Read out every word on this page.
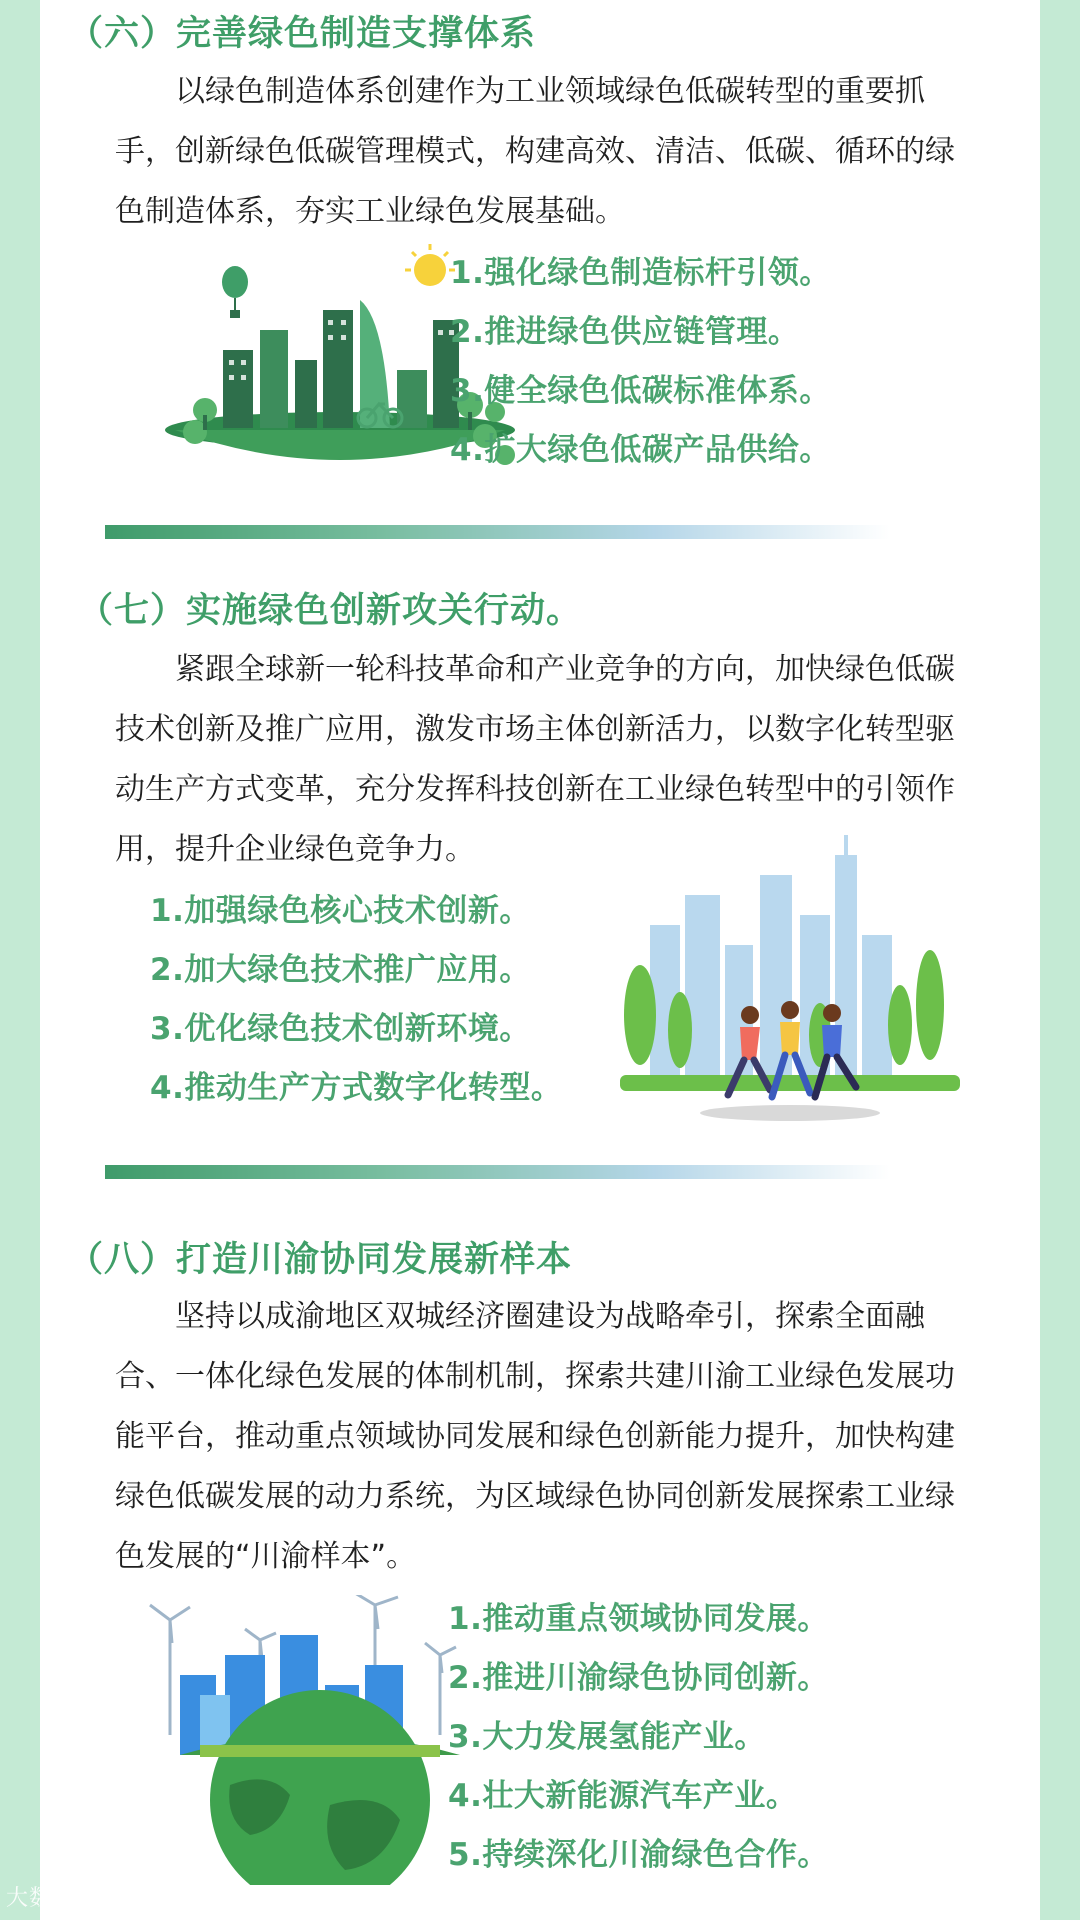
（六）完善绿色制造支撑体系

以绿色制造体系创建作为工业领域绿色低碳转型的重要抓手，创新绿色低碳管理模式，构建高效、清洁、低碳、循环的绿色制造体系，夯实工业绿色发展基础。

1.强化绿色制造标杆引领。
2.推进绿色供应链管理。
3.健全绿色低碳标准体系。
4.扩大绿色低碳产品供给。
（七）实施绿色创新攻关行动。

紧跟全球新一轮科技革命和产业竞争的方向，加快绿色低碳技术创新及推广应用，激发市场主体创新活力，以数字化转型驱动生产方式变革，充分发挥科技创新在工业绿色转型中的引领作用，提升企业绿色竞争力。

1.加强绿色核心技术创新。
2.加大绿色技术推广应用。
3.优化绿色技术创新环境。
4.推动生产方式数字化转型。
（八）打造川渝协同发展新样本

坚持以成渝地区双城经济圈建设为战略牵引，探索全面融合、一体化绿色发展的体制机制，探索共建川渝工业绿色发展功能平台，推动重点领域协同发展和绿色创新能力提升，加快构建绿色低碳发展的动力系统，为区域绿色协同创新发展探索工业绿色发展的“川渝样本”。

1.推动重点领域协同发展。
2.推进川渝绿色协同创新。
3.大力发展氢能产业。
4.壮大新能源汽车产业。
5.持续深化川渝绿色合作。
大数跨境
